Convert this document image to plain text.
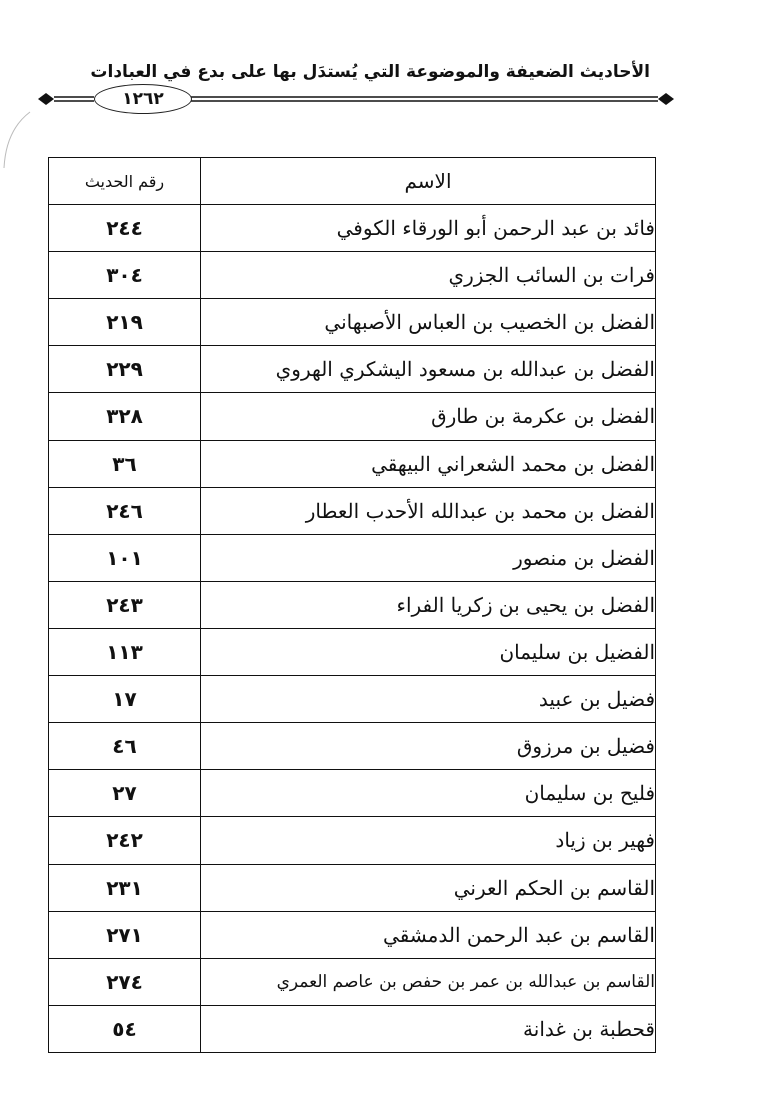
الأحاديث الضعيفة والموضوعة التي يُستدَل بها على بدع في العبادات
١٢٦٢
الاسم	رقم الحديث
فائد بن عبد الرحمن أبو الورقاء الكوفي	٢٤٤
فرات بن السائب الجزري	٣٠٤
الفضل بن الخصيب بن العباس الأصبهاني	٢١٩
الفضل بن عبدالله بن مسعود اليشكري الهروي	٢٢٩
الفضل بن عكرمة بن طارق	٣٢٨
الفضل بن محمد الشعراني البيهقي	٣٦
الفضل بن محمد بن عبدالله الأحدب العطار	٢٤٦
الفضل بن منصور	١٠١
الفضل بن يحيى بن زكريا الفراء	٢٤٣
الفضيل بن سليمان	١١٣
فضيل بن عبيد	١٧
فضيل بن مرزوق	٤٦
فليح بن سليمان	٢٧
فهير بن زياد	٢٤٢
القاسم بن الحكم العرني	٢٣١
القاسم بن عبد الرحمن الدمشقي	٢٧١
القاسم بن عبدالله بن عمر بن حفص بن عاصم العمري	٢٧٤
قحطبة بن غدانة	٥٤
